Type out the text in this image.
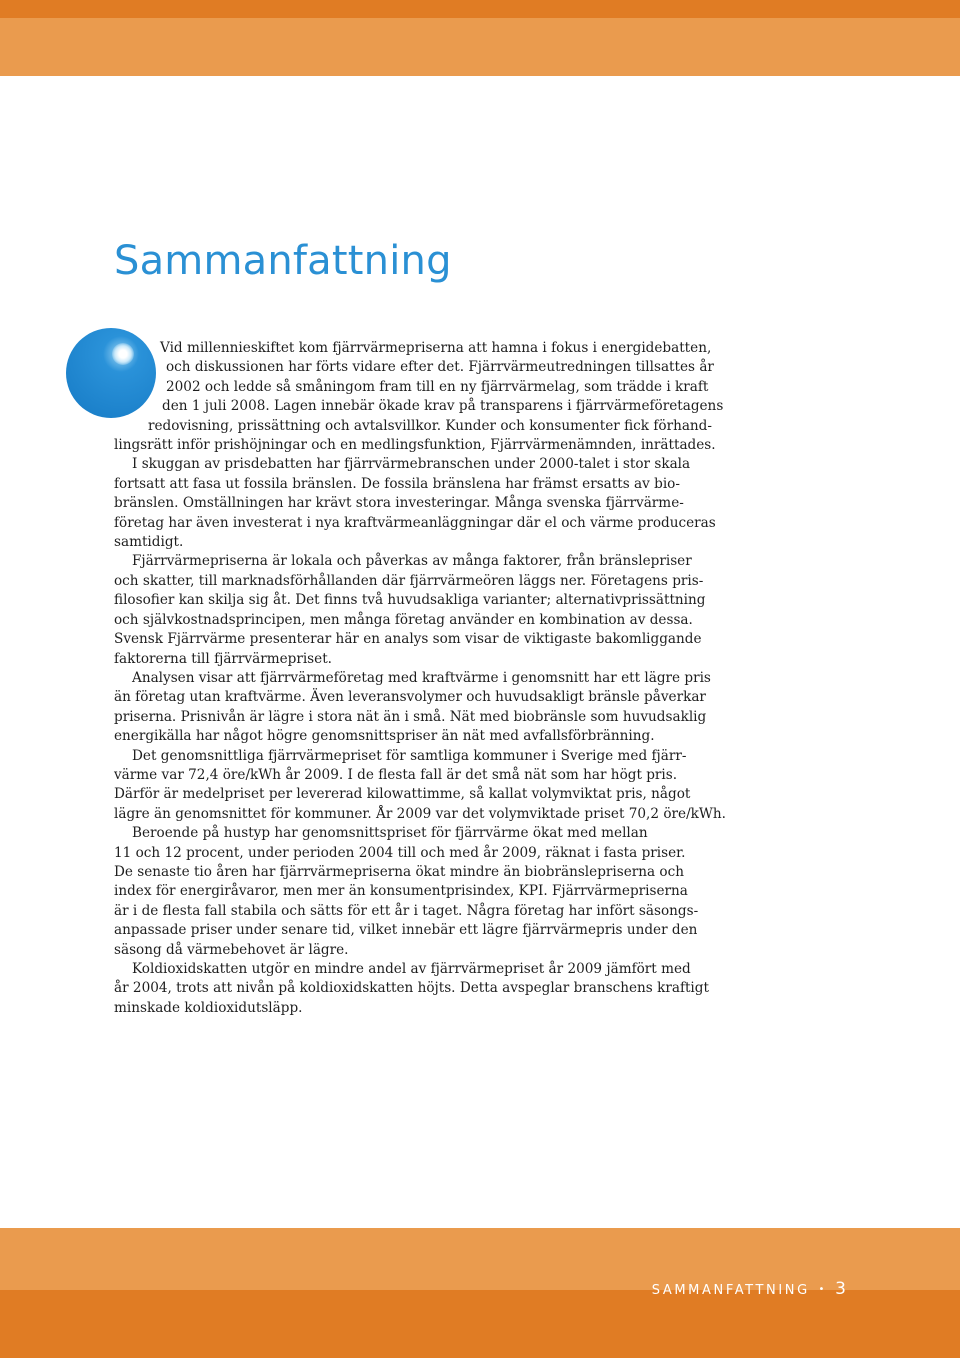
Sammanfattning
Vid millennieskiftet kom fjärrvärmepriserna att hamna i fokus i energidebatten,
och diskussionen har förts vidare efter det. Fjärrvärmeutredningen tillsattes år
2002 och ledde så småningom fram till en ny fjärrvärmelag, som trädde i kraft
den 1 juli 2008. Lagen innebär ökade krav på transparens i fjärrvärmeföretagens
redovisning, prissättning och avtalsvillkor. Kunder och konsumenter fick förhand-
lingsrätt inför prishöjningar och en medlingsfunktion, Fjärrvärmenämnden, inrättades.
I skuggan av prisdebatten har fjärrvärmebranschen under 2000-talet i stor skala
fortsatt att fasa ut fossila bränslen. De fossila bränslena har främst ersatts av bio-
bränslen. Omställningen har krävt stora investeringar. Många svenska fjärrvärme-
företag har även investerat i nya kraftvärmeanläggningar där el och värme produceras
samtidigt.
Fjärrvärmepriserna är lokala och påverkas av många faktorer, från bränslepriser
och skatter, till marknadsförhållanden där fjärrvärmeören läggs ner. Företagens pris-
filosofier kan skilja sig åt. Det finns två huvudsakliga varianter; alternativprissättning
och självkostnadsprincipen, men många företag använder en kombination av dessa.
Svensk Fjärrvärme presenterar här en analys som visar de viktigaste bakomliggande
faktorerna till fjärrvärmepriset.
Analysen visar att fjärrvärmeföretag med kraftvärme i genomsnitt har ett lägre pris
än företag utan kraftvärme. Även leveransvolymer och huvudsakligt bränsle påverkar
priserna. Prisnivån är lägre i stora nät än i små. Nät med biobränsle som huvudsaklig
energikälla har något högre genomsnittspriser än nät med avfallsförbränning.
Det genomsnittliga fjärrvärmepriset för samtliga kommuner i Sverige med fjärr-
värme var 72,4 öre/kWh år 2009. I de flesta fall är det små nät som har högt pris.
Därför är medelpriset per levererad kilowattimme, så kallat volymviktat pris, något
lägre än genomsnittet för kommuner. År 2009 var det volymviktade priset 70,2 öre/kWh.
Beroende på hustyp har genomsnittspriset för fjärrvärme ökat med mellan
11 och 12 procent, under perioden 2004 till och med år 2009, räknat i fasta priser.
De senaste tio åren har fjärrvärmepriserna ökat mindre än biobränslepriserna och
index för energiråvaror, men mer än konsumentprisindex, KPI. Fjärrvärmepriserna
är i de flesta fall stabila och sätts för ett år i taget. Några företag har infört säsongs-
anpassade priser under senare tid, vilket innebär ett lägre fjärrvärmepris under den
säsong då värmebehovet är lägre.
Koldioxidskatten utgör en mindre andel av fjärrvärmepriset år 2009 jämfört med
år 2004, trots att nivån på koldioxidskatten höjts. Detta avspeglar branschens kraftigt
minskade koldioxidutsläpp.
SAMMANFATTNING • 3
